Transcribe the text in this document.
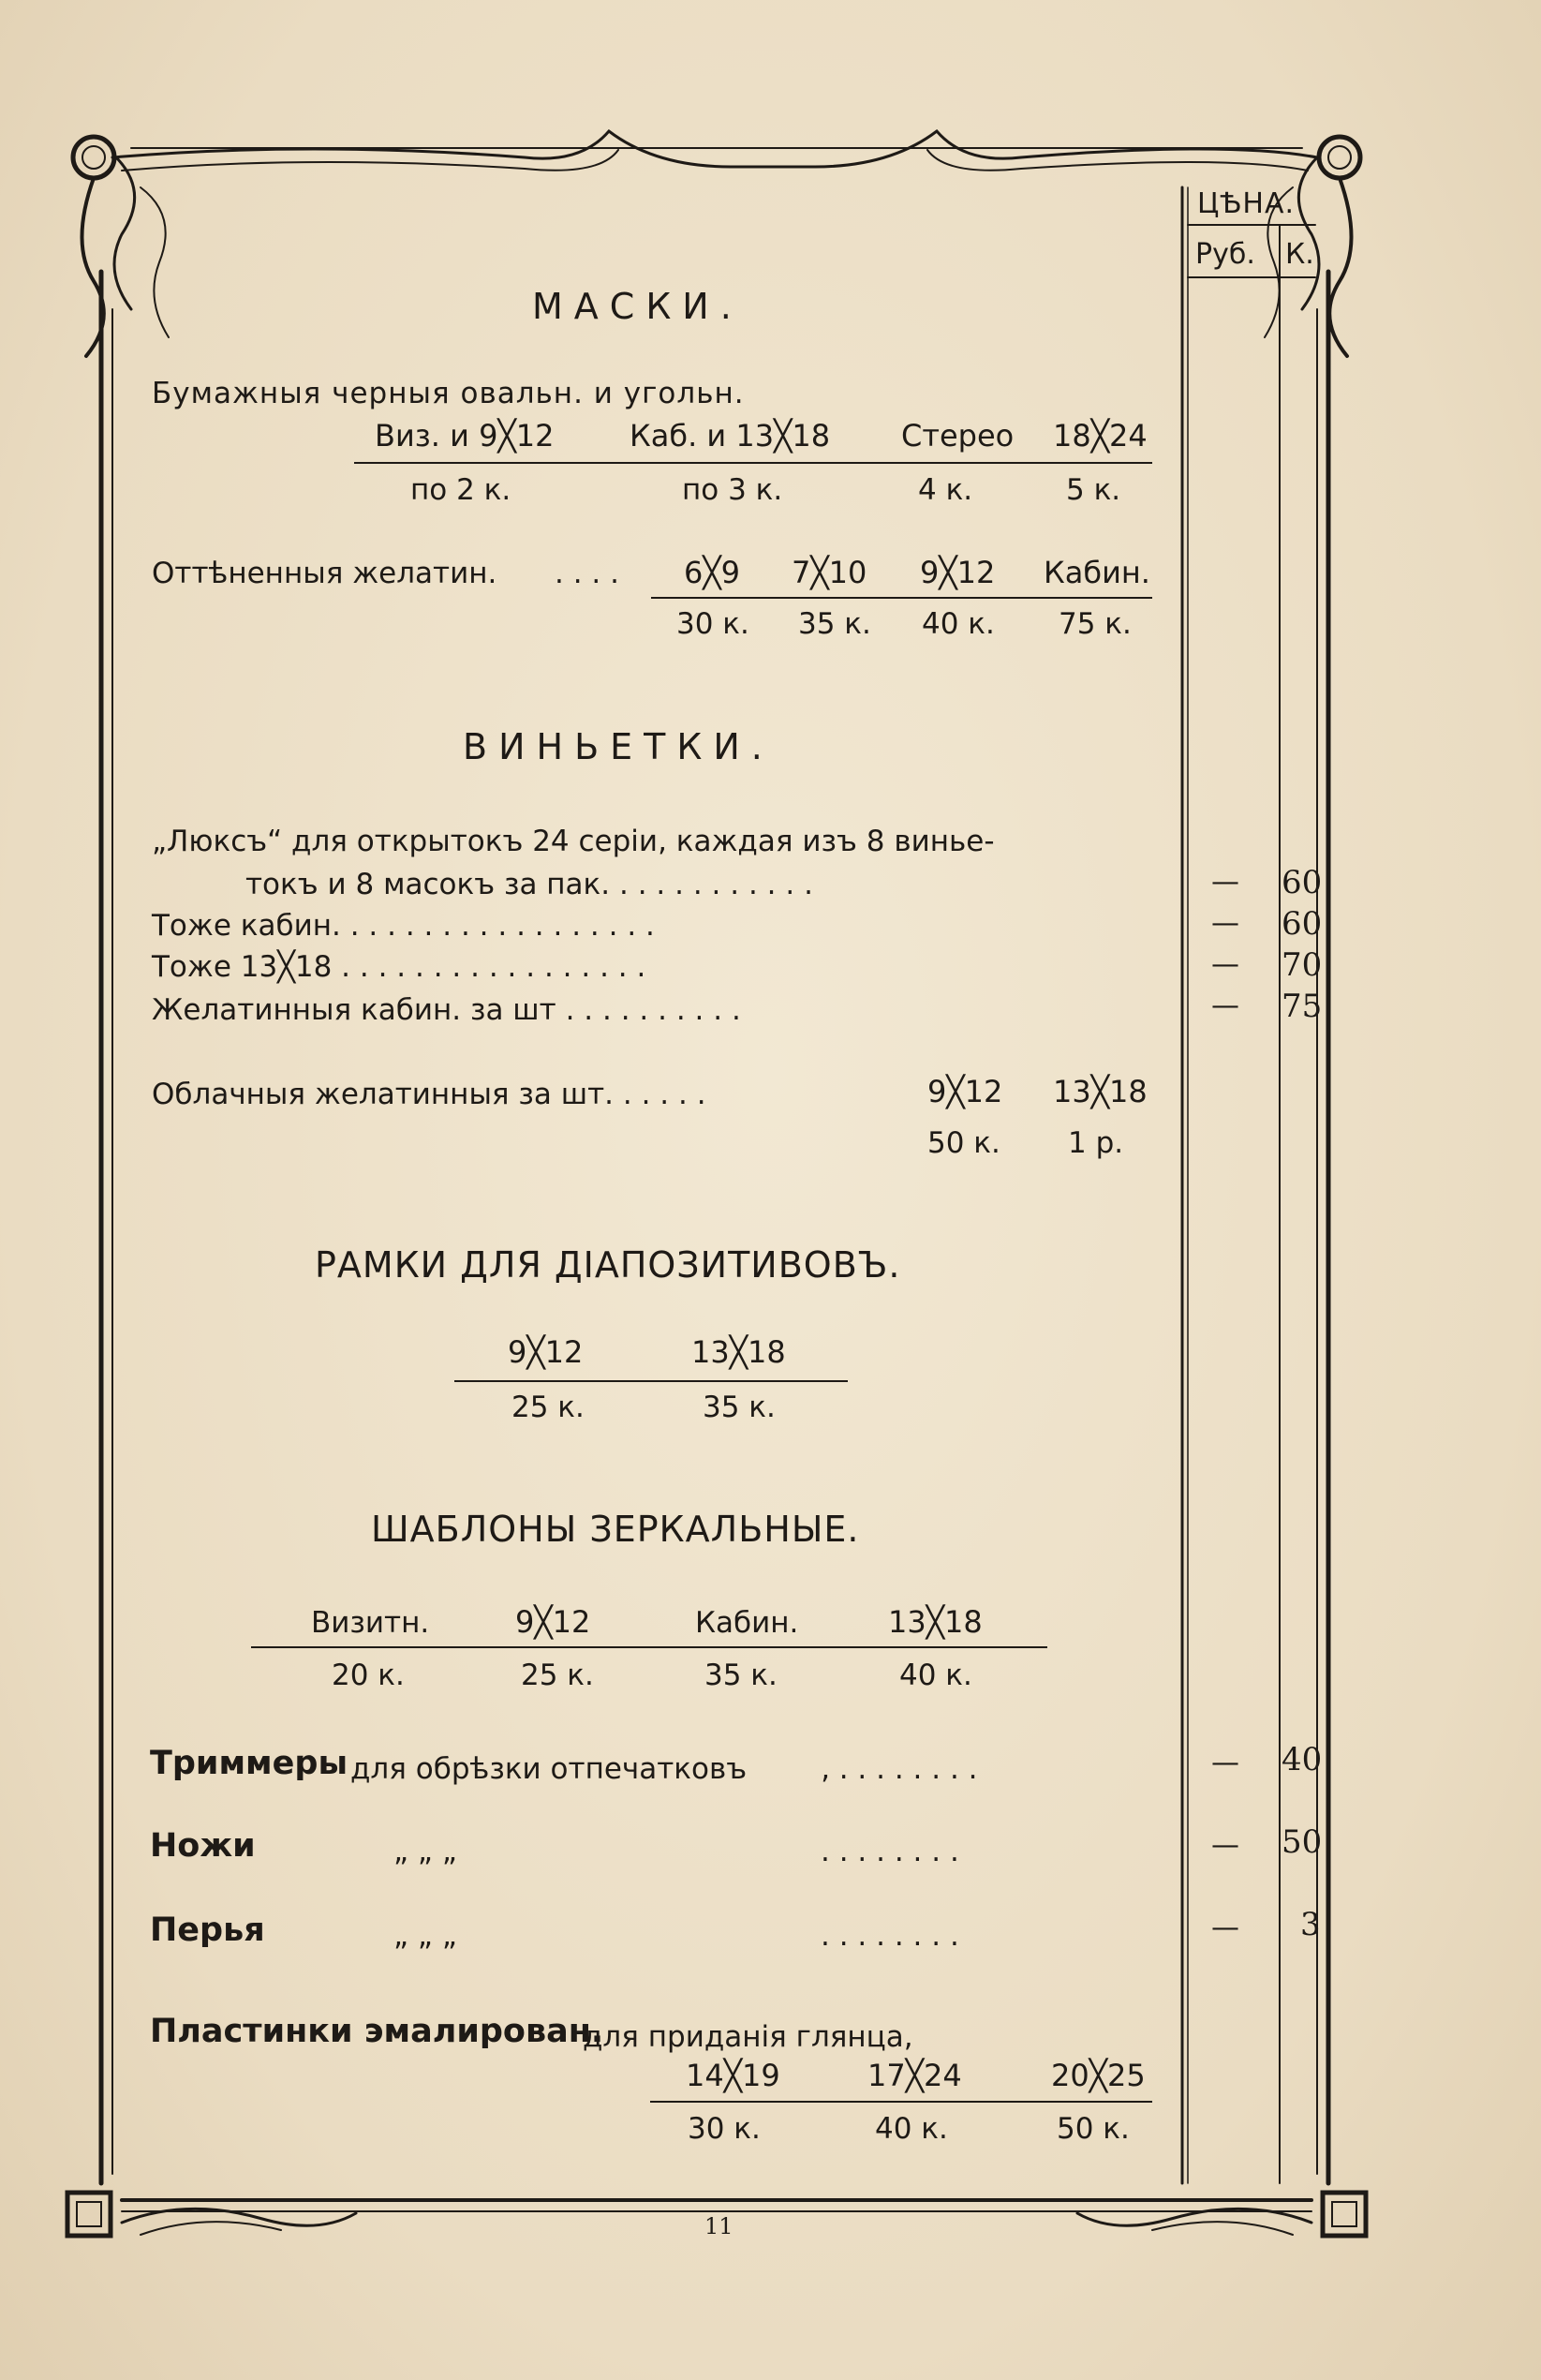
ЦѢНА.
Руб. К.
МАСКИ.
Бумажныя черныя овальн. и угольн.
Виз. и 9╳12	Каб. и 13╳18 Стерео 18╳24
по 2 к.	по 3 к.	4 к.	5 к.
Оттѣненныя желатин. . . . . 6╳9 7╳10 9╳12 Кабин.
30 к. 35 к. 40 к. 75 к.
ВИНЬЕТКИ.
„Люксъ“ для открытокъ 24 серіи, каждая изъ 8 винье-
токъ и 8 масокъ за пак. . . . . . . . . . . .	— 60
Тоже кабин. . . . . . . . . . . . . . . . . .	— 60
Тоже 13╳18 . . . . . . . . . . . . . . . . .	— 70
Желатинныя кабин. за шт . . . . . . . . . .	— 75
Облачныя желатинныя за шт. . . . . .	9╳12 13╳18
50 к. 1 р.
РАМКИ ДЛЯ ДІАПОЗИТИВОВЪ.
9╳12	13╳18
25 к.	35 к.
ШАБЛОНЫ ЗЕРКАЛЬНЫЕ.
Визитн.	9╳12	Кабин.	13╳18
20 к.	25 к.	35 к.	40 к.
Триммеры для обрѣзки отпечатковъ	‚ . . . . . . . .	— 40
Ножи	„ „ „	. . . . . . . .	— 50
Перья	„ „ „	. . . . . . . .	— 3
Пластинки эмалирован.
для приданія глянца,
14╳19	17╳24	20╳25
30 к.	40 к.	50 к.
11
